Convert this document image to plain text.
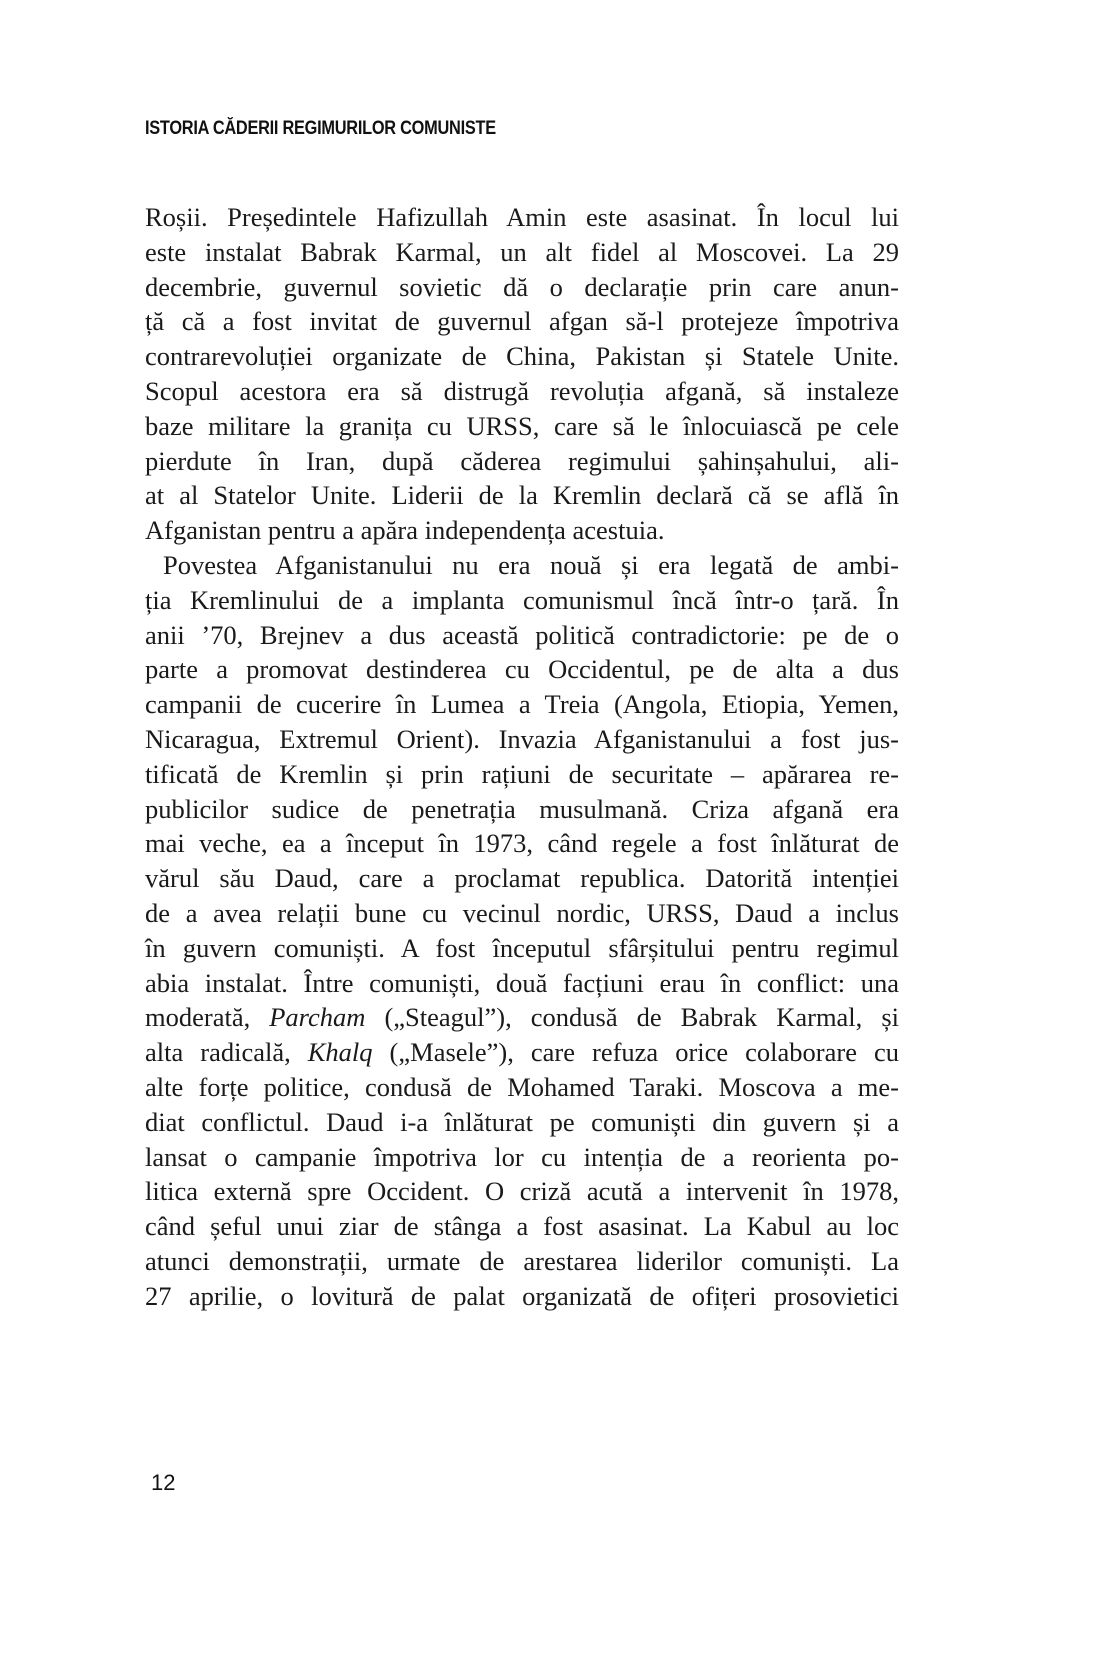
ISTORIA CĂDERII REGIMURILOR COMUNISTE
Roșii. Președintele Hafizullah Amin este asasinat. În locul lui
este instalat Babrak Karmal, un alt fidel al Moscovei. La 29
decembrie, guvernul sovietic dă o declarație prin care anun-
ță că a fost invitat de guvernul afgan să-l protejeze împotriva
contrarevoluției organizate de China, Pakistan și Statele Unite.
Scopul acestora era să distrugă revoluția afgană, să instaleze
baze militare la granița cu URSS, care să le înlocuiască pe cele
pierdute în Iran, după căderea regimului șahinșahului, ali-
at al Statelor Unite. Liderii de la Kremlin declară că se află în
Afganistan pentru a apăra independența acestuia.
Povestea Afganistanului nu era nouă și era legată de ambi-
ția Kremlinului de a implanta comunismul încă într-o țară. În
anii ’70, Brejnev a dus această politică contradictorie: pe de o
parte a promovat destinderea cu Occidentul, pe de alta a dus
campanii de cucerire în Lumea a Treia (Angola, Etiopia, Yemen,
Nicaragua, Extremul Orient). Invazia Afganistanului a fost jus-
tificată de Kremlin și prin rațiuni de securitate – apărarea re-
publicilor sudice de penetrația musulmană. Criza afgană era
mai veche, ea a început în 1973, când regele a fost înlăturat de
vărul său Daud, care a proclamat republica. Datorită intenției
de a avea relații bune cu vecinul nordic, URSS, Daud a inclus
în guvern comuniști. A fost începutul sfârșitului pentru regimul
abia instalat. Între comuniști, două facțiuni erau în conflict: una
moderată, Parcham („Steagul”), condusă de Babrak Karmal, și
alta radicală, Khalq („Masele”), care refuza orice colaborare cu
alte forțe politice, condusă de Mohamed Taraki. Moscova a me-
diat conflictul. Daud i-a înlăturat pe comuniști din guvern și a
lansat o campanie împotriva lor cu intenția de a reorienta po-
litica externă spre Occident. O criză acută a intervenit în 1978,
când șeful unui ziar de stânga a fost asasinat. La Kabul au loc
atunci demonstrații, urmate de arestarea liderilor comuniști. La
27 aprilie, o lovitură de palat organizată de ofițeri prosovietici
12
